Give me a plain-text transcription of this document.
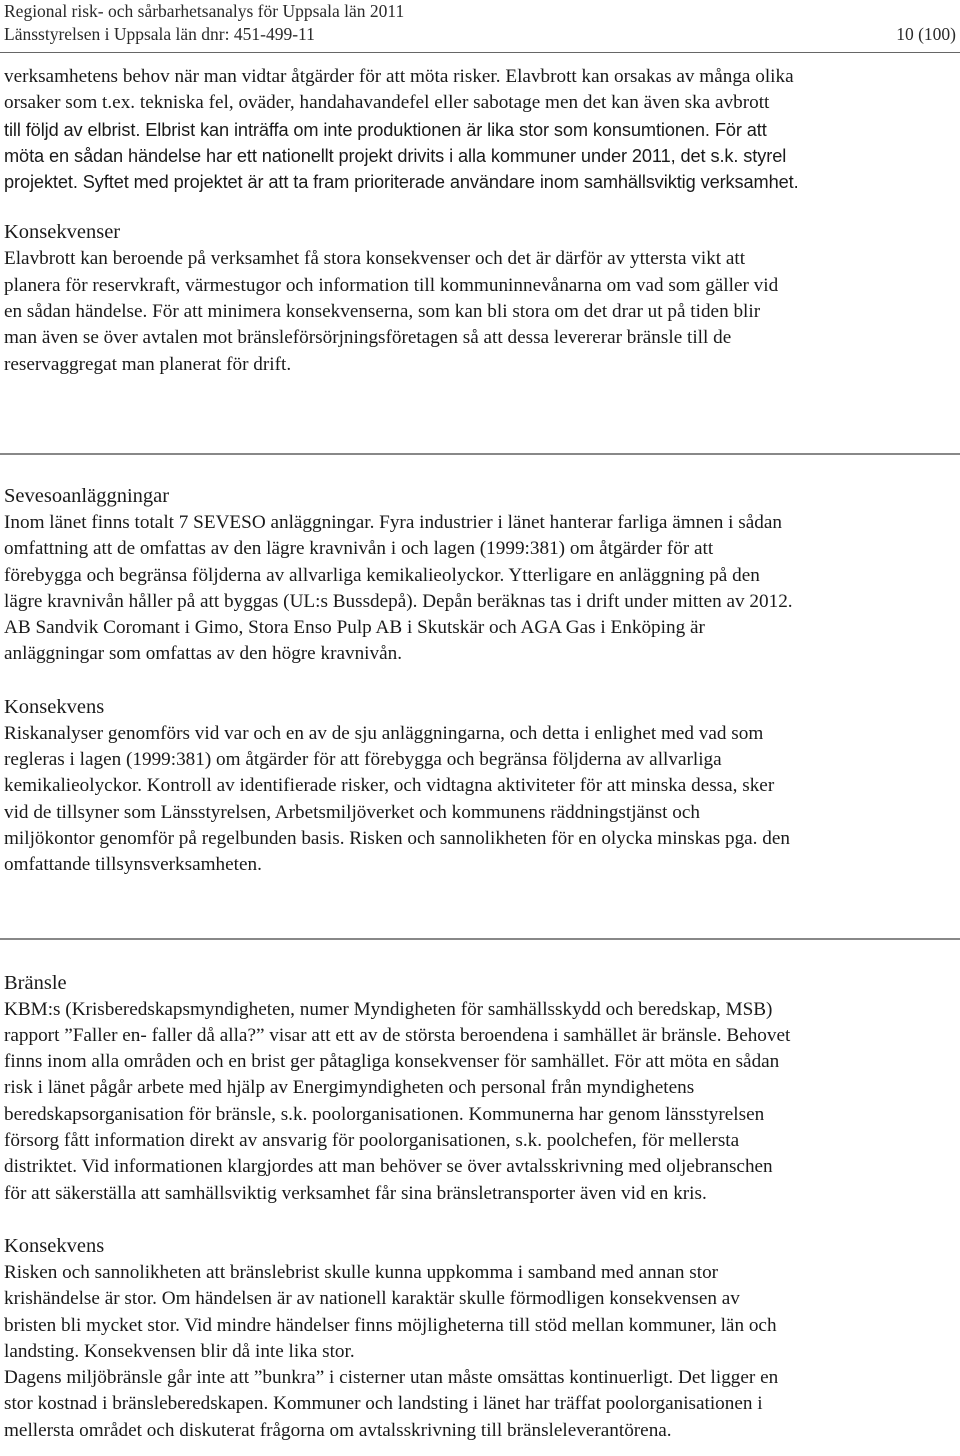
Regional risk- och sårbarhetsanalys för Uppsala län 2011
Länsstyrelsen i Uppsala län dnr: 451-499-11	10 (100)
verksamhetens behov när man vidtar åtgärder för att möta risker. Elavbrott kan orsakas av många olika
orsaker som t.ex. tekniska fel, oväder, handahavandefel eller sabotage men det kan även ska avbrott
till följd av elbrist. Elbrist kan inträffa om inte produktionen är lika stor som konsumtionen. För att
möta en sådan händelse har ett nationellt projekt drivits i alla kommuner under 2011, det s.k. styrel
projektet. Syftet med projektet är att ta fram prioriterade användare inom samhällsviktig verksamhet.
Konsekvenser
Elavbrott kan beroende på verksamhet få stora konsekvenser och det är därför av yttersta vikt att
planera för reservkraft, värmestugor och information till kommuninnevånarna om vad som gäller vid
en sådan händelse. För att minimera konsekvenserna, som kan bli stora om det drar ut på tiden blir
man även se över avtalen mot bränsleförsörjningsföretagen så att dessa levererar bränsle till de
reservaggregat man planerat för drift.
Sevesoanläggningar
Inom länet finns totalt 7 SEVESO anläggningar. Fyra industrier i länet hanterar farliga ämnen i sådan
omfattning att de omfattas av den lägre kravnivån i och lagen (1999:381) om åtgärder för att
förebygga och begränsa följderna av allvarliga kemikalieolyckor. Ytterligare en anläggning på den
lägre kravnivån håller på att byggas (UL:s Bussdepå). Depån beräknas tas i drift under mitten av 2012.
AB Sandvik Coromant i Gimo, Stora Enso Pulp AB i Skutskär och AGA Gas i Enköping är
anläggningar som omfattas av den högre kravnivån.
Konsekvens
Riskanalyser genomförs vid var och en av de sju anläggningarna, och detta i enlighet med vad som
regleras i lagen (1999:381) om åtgärder för att förebygga och begränsa följderna av allvarliga
kemikalieolyckor. Kontroll av identifierade risker, och vidtagna aktiviteter för att minska dessa, sker
vid de tillsyner som Länsstyrelsen, Arbetsmiljöverket och kommunens räddningstjänst och
miljökontor genomför på regelbunden basis. Risken och sannolikheten för en olycka minskas pga. den
omfattande tillsynsverksamheten.
Bränsle
KBM:s (Krisberedskapsmyndigheten, numer Myndigheten för samhällsskydd och beredskap, MSB)
rapport ”Faller en- faller då alla?” visar att ett av de största beroendena i samhället är bränsle. Behovet
finns inom alla områden och en brist ger påtagliga konsekvenser för samhället. För att möta en sådan
risk i länet pågår arbete med hjälp av Energimyndigheten och personal från myndighetens
beredskapsorganisation för bränsle, s.k. poolorganisationen. Kommunerna har genom länsstyrelsen
försorg fått information direkt av ansvarig för poolorganisationen, s.k. poolchefen, för mellersta
distriktet. Vid informationen klargjordes att man behöver se över avtalsskrivning med oljebranschen
för att säkerställa att samhällsviktig verksamhet får sina bränsletransporter även vid en kris.
Konsekvens
Risken och sannolikheten att bränslebrist skulle kunna uppkomma i samband med annan stor
krishändelse är stor. Om händelsen är av nationell karaktär skulle förmodligen konsekvensen av
bristen bli mycket stor. Vid mindre händelser finns möjligheterna till stöd mellan kommuner, län och
landsting. Konsekvensen blir då inte lika stor.
Dagens miljöbränsle går inte att ”bunkra” i cisterner utan måste omsättas kontinuerligt. Det ligger en
stor kostnad i bränsleberedskapen. Kommuner och landsting i länet har träffat poolorganisationen i
mellersta området och diskuterat frågorna om avtalsskrivning till bränsleleverantörena.
